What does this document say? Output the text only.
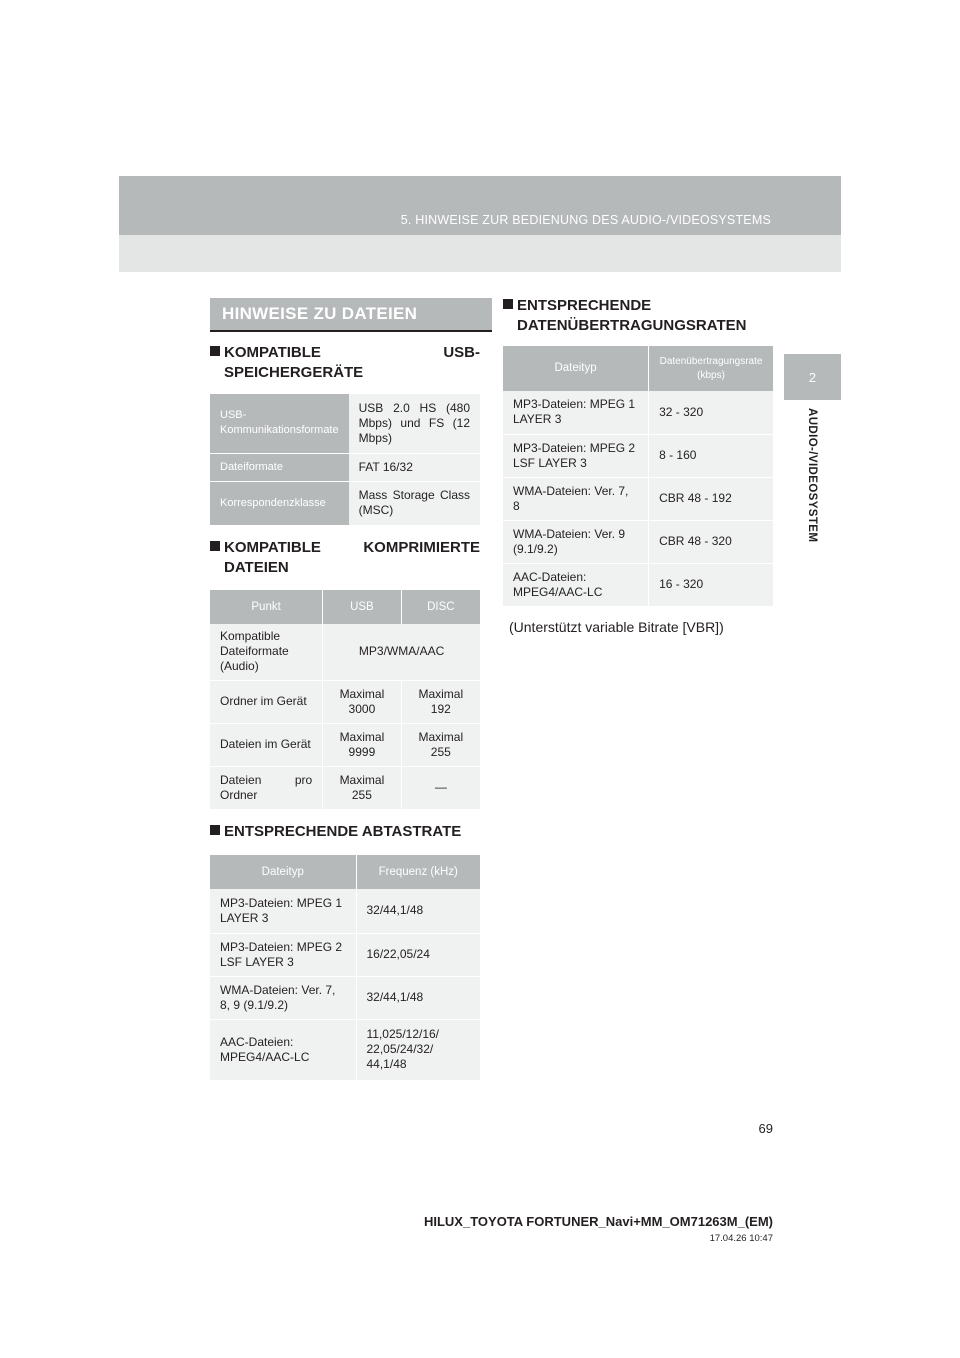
5. HINWEISE ZUR BEDIENUNG DES AUDIO-/VIDEOSYSTEMS
2
AUDIO-/VIDEOSYSTEM
HINWEISE ZU DATEIEN
KOMPATIBLE	USB-
SPEICHERGERÄTE
USB-Kommunikationsformate	USB 2.0 HS (480 Mbps) und FS (12 Mbps)
Dateiformate	FAT 16/32
Korrespondenzklasse	Mass Storage Class (MSC)
KOMPATIBLE	KOMPRIMIERTE
DATEIEN
Punkt	USB	DISC
Kompatible Dateiformate (Audio)	MP3/WMA/AAC	
Ordner im Gerät	Maximal 3000	Maximal 192
Dateien im Gerät	Maximal 9999	Maximal 255
Dateien pro Ordner	Maximal 255	—
ENTSPRECHENDE ABTASTRATE
Dateityp	Frequenz (kHz)
MP3-Dateien: MPEG 1 LAYER 3	32/44,1/48
MP3-Dateien: MPEG 2 LSF LAYER 3	16/22,05/24
WMA-Dateien: Ver. 7, 8, 9 (9.1/9.2)	32/44,1/48
AAC-Dateien: MPEG4/AAC-LC	11,025/12/16/ 22,05/24/32/ 44,1/48
ENTSPRECHENDE
DATENÜBERTRAGUNGSRATEN
Dateityp	Datenübertragungsrate (kbps)
MP3-Dateien: MPEG 1 LAYER 3	32 - 320
MP3-Dateien: MPEG 2 LSF LAYER 3	8 - 160
WMA-Dateien: Ver. 7, 8	CBR 48 - 192
WMA-Dateien: Ver. 9 (9.1/9.2)	CBR 48 - 320
AAC-Dateien: MPEG4/AAC-LC	16 - 320
(Unterstützt variable Bitrate [VBR])
69
HILUX_TOYOTA FORTUNER_Navi+MM_OM71263M_(EM)
17.04.26 10:47
